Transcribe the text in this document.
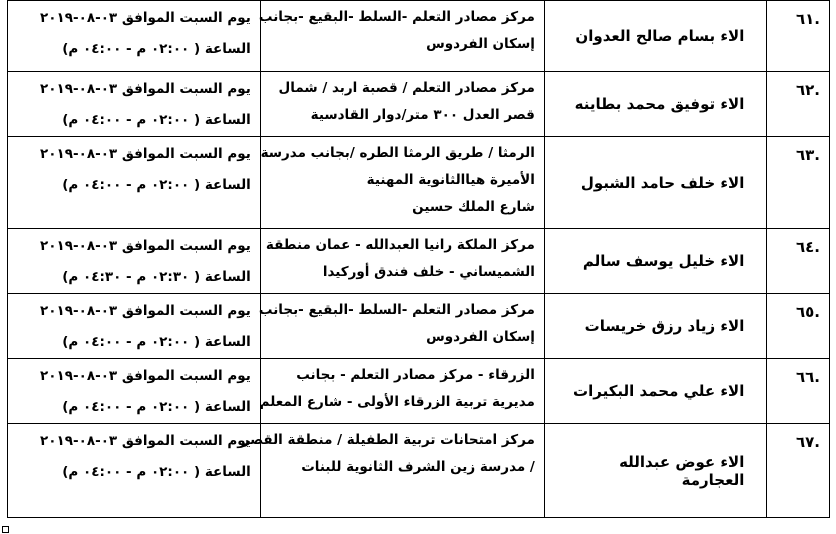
.٦١	الاء بسام صالح العدوان	مركز مصادر التعلم -السلط -البقيع -بجانب
إسكان الفردوس	يوم السبت الموافق ٠٣-٠٨-٢٠١٩
الساعة ( ٠٢:٠٠ م - ٠٤:٠٠ م)

.٦٢	الاء توفيق محمد بطاينه	مركز مصادر التعلم / قصبة اربد / شمال
قصر العدل ٣٠٠ متر/دوار القادسية	يوم السبت الموافق ٠٣-٠٨-٢٠١٩
الساعة ( ٠٢:٠٠ م - ٠٤:٠٠ م)

.٦٣	الاء خلف حامد الشبول	الرمثا / طريق الرمثا الطره /بجانب مدرسة
الأميرة هياالثانوية المهنية
شارع الملك حسين	يوم السبت الموافق ٠٣-٠٨-٢٠١٩
الساعة ( ٠٢:٠٠ م - ٠٤:٠٠ م)

.٦٤	الاء خليل يوسف سالم	مركز الملكة رانيا العبدالله - عمان منطقة
الشميساني - خلف فندق أوركيدا	يوم السبت الموافق ٠٣-٠٨-٢٠١٩
الساعة ( ٠٢:٣٠ م - ٠٤:٣٠ م)

.٦٥	الاء زياد رزق خريسات	مركز مصادر التعلم -السلط -البقيع -بجانب
إسكان الفردوس	يوم السبت الموافق ٠٣-٠٨-٢٠١٩
الساعة ( ٠٢:٠٠ م - ٠٤:٠٠ م)

.٦٦	الاء علي محمد البكيرات	الزرقاء - مركز مصادر التعلم - بجانب
مديرية تربية الزرقاء الأولى - شارع المعلم	يوم السبت الموافق ٠٣-٠٨-٢٠١٩
الساعة ( ٠٢:٠٠ م - ٠٤:٠٠ م)

.٦٧	الاء عوض عبدالله العجارمة	مركز امتحانات تربية الطفيلة / منطقة القصر
/ مدرسة زين الشرف الثانوية للبنات	يوم السبت الموافق ٠٣-٠٨-٢٠١٩
الساعة ( ٠٢:٠٠ م - ٠٤:٠٠ م)
